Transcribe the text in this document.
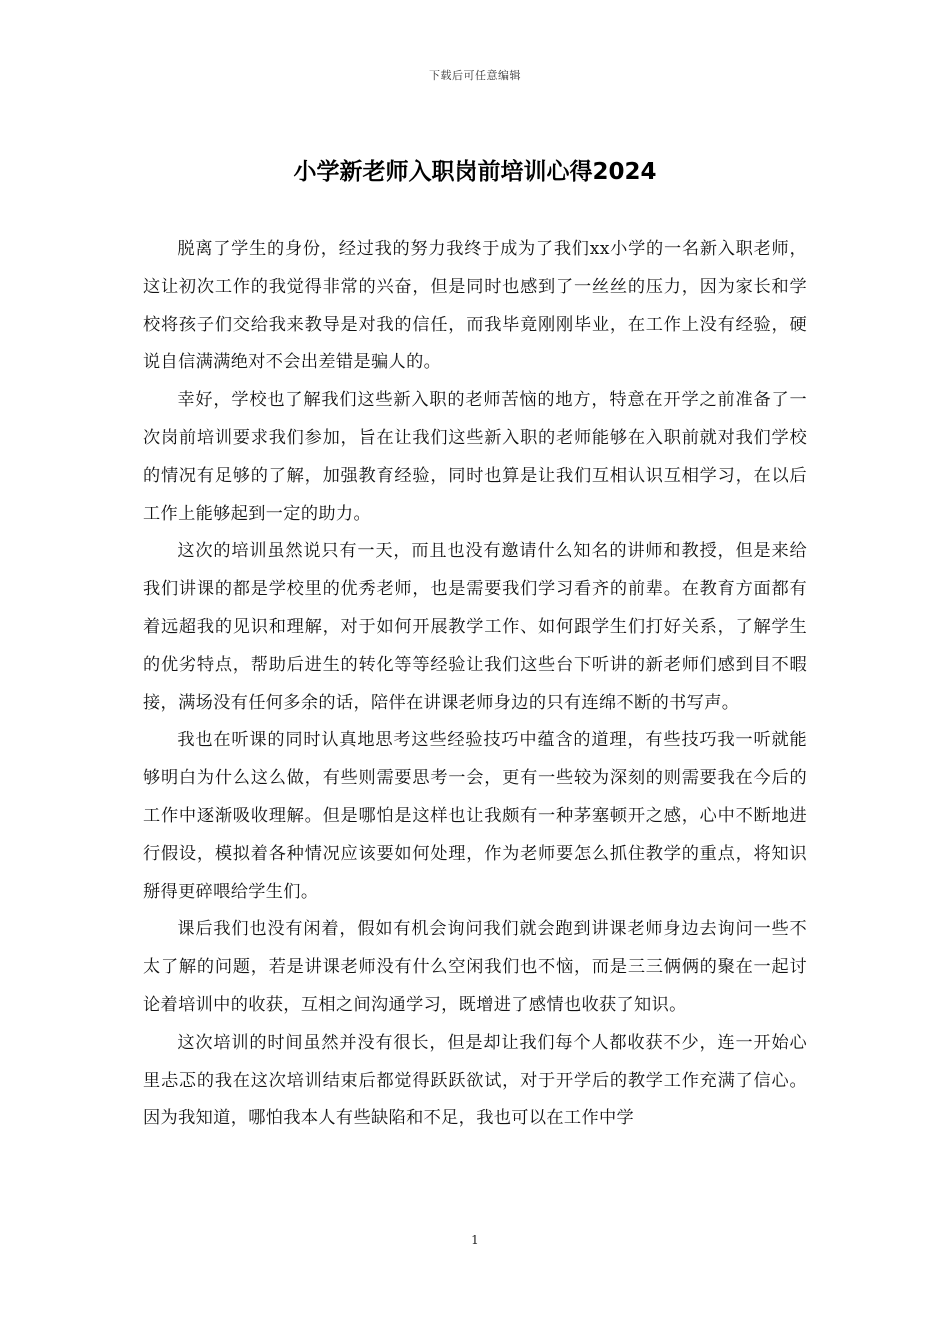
下载后可任意编辑
小学新老师入职岗前培训心得2024

脱离了学生的身份，经过我的努力我终于成为了我们xx小学的一名新入职老师，这让初次工作的我觉得非常的兴奋，但是同时也感到了一丝丝的压力，因为家长和学校将孩子们交给我来教导是对我的信任，而我毕竟刚刚毕业，在工作上没有经验，硬说自信满满绝对不会出差错是骗人的。

幸好，学校也了解我们这些新入职的老师苦恼的地方，特意在开学之前准备了一次岗前培训要求我们参加，旨在让我们这些新入职的老师能够在入职前就对我们学校的情况有足够的了解，加强教育经验，同时也算是让我们互相认识互相学习，在以后工作上能够起到一定的助力。

这次的培训虽然说只有一天，而且也没有邀请什么知名的讲师和教授，但是来给我们讲课的都是学校里的优秀老师，也是需要我们学习看齐的前辈。在教育方面都有着远超我的见识和理解，对于如何开展教学工作、如何跟学生们打好关系，了解学生的优劣特点，帮助后进生的转化等等经验让我们这些台下听讲的新老师们感到目不暇接，满场没有任何多余的话，陪伴在讲课老师身边的只有连绵不断的书写声。

我也在听课的同时认真地思考这些经验技巧中蕴含的道理，有些技巧我一听就能够明白为什么这么做，有些则需要思考一会，更有一些较为深刻的则需要我在今后的工作中逐渐吸收理解。但是哪怕是这样也让我颇有一种茅塞顿开之感，心中不断地进行假设，模拟着各种情况应该要如何处理，作为老师要怎么抓住教学的重点，将知识掰得更碎喂给学生们。

课后我们也没有闲着，假如有机会询问我们就会跑到讲课老师身边去询问一些不太了解的问题，若是讲课老师没有什么空闲我们也不恼，而是三三俩俩的聚在一起讨论着培训中的收获，互相之间沟通学习，既增进了感情也收获了知识。

这次培训的时间虽然并没有很长，但是却让我们每个人都收获不少，连一开始心里忐忑的我在这次培训结束后都觉得跃跃欲试，对于开学后的教学工作充满了信心。因为我知道，哪怕我本人有些缺陷和不足，我也可以在工作中学

1
